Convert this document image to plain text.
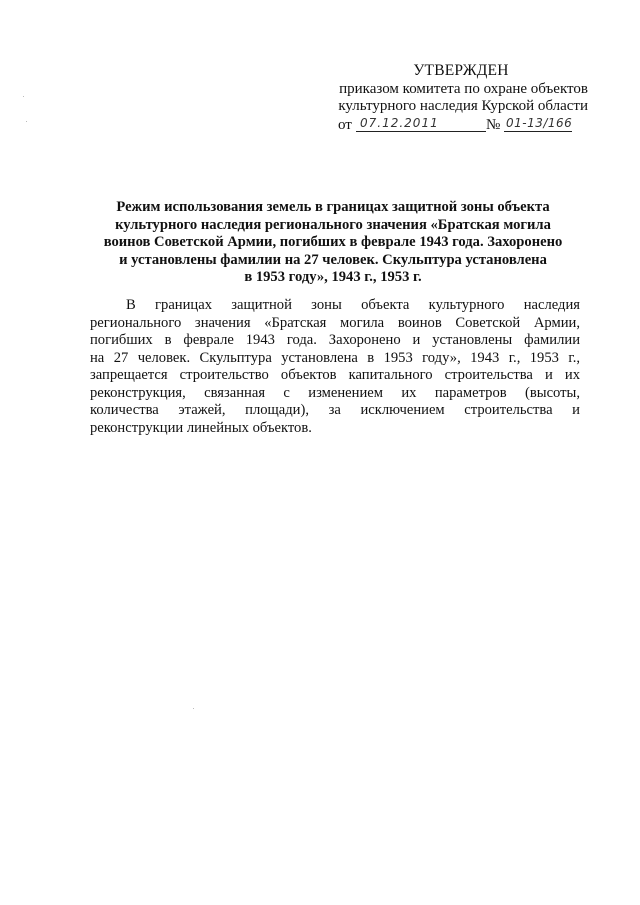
УТВЕРЖДЕН
приказом комитета по охране объектов
культурного наследия Курской области
от 07.12.2011	№ 01-13/166
Режим использования земель в границах защитной зоны объекта
культурного наследия регионального значения «Братская могила
воинов Советской Армии, погибших в феврале 1943 года. Захоронено
и установлены фамилии на 27 человек. Скульптура установлена
в 1953 году», 1943 г., 1953 г.
В границах защитной зоны объекта культурного наследия
регионального значения «Братская могила воинов Советской Армии,
погибших в феврале 1943 года. Захоронено и установлены фамилии
на 27 человек. Скульптура установлена в 1953 году», 1943 г., 1953 г.,
запрещается строительство объектов капитального строительства и их
реконструкция, связанная с изменением их параметров (высоты,
количества этажей, площади), за исключением строительства и
реконструкции линейных объектов.
